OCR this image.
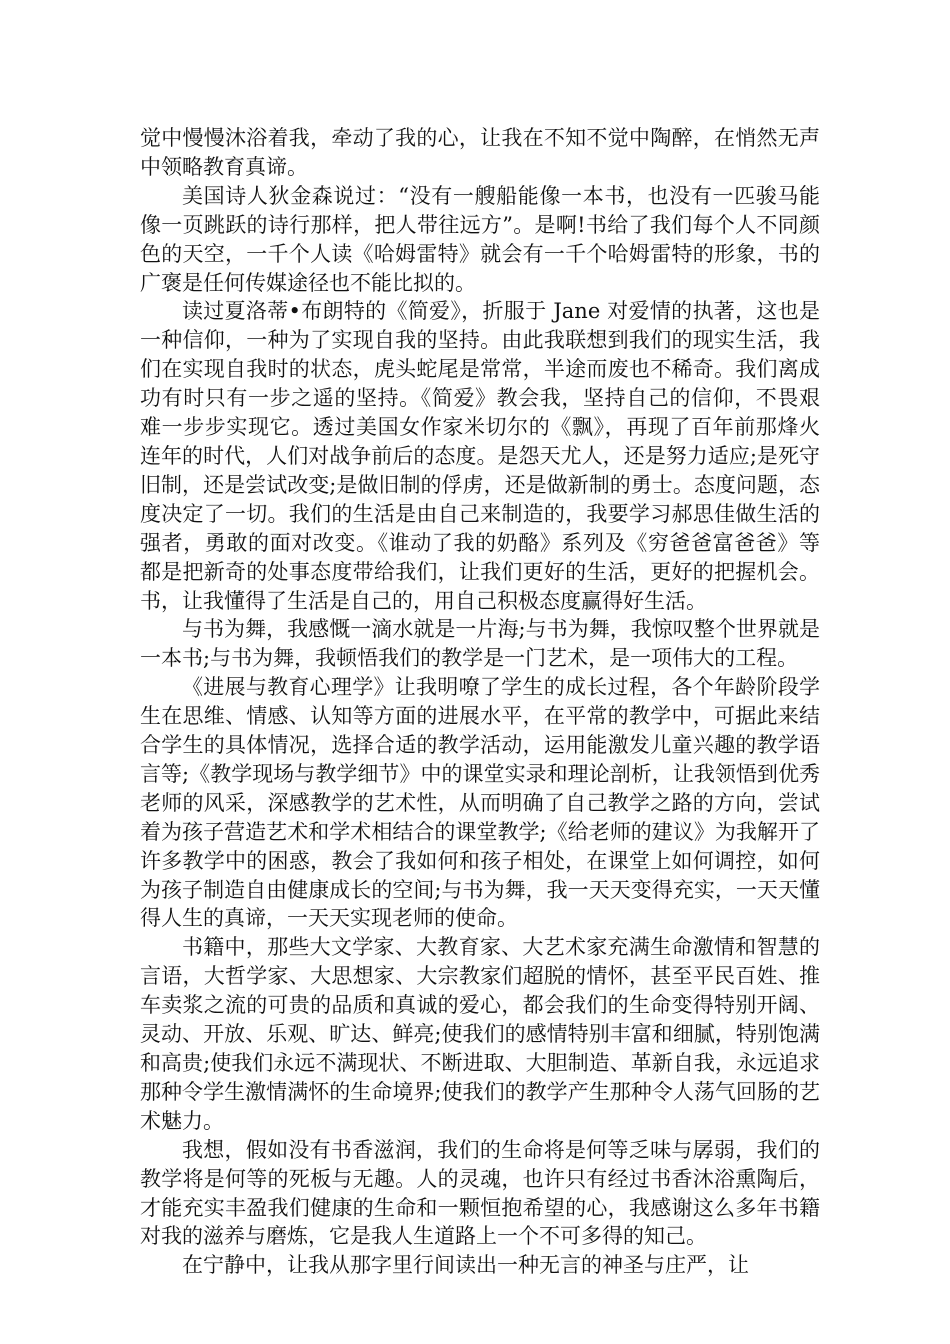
觉中慢慢沐浴着我，牵动了我的心，让我在不知不觉中陶醉，在悄然无声中领略教育真谛。

美国诗人狄金森说过：“没有一艘船能像一本书，也没有一匹骏马能像一页跳跃的诗行那样，把人带往远方”。是啊!书给了我们每个人不同颜色的天空，一千个人读《哈姆雷特》就会有一千个哈姆雷特的形象，书的广褒是任何传媒途径也不能比拟的。

读过夏洛蒂•布朗特的《简爱》，折服于 Jane 对爱情的执著，这也是一种信仰，一种为了实现自我的坚持。由此我联想到我们的现实生活，我们在实现自我时的状态，虎头蛇尾是常常，半途而废也不稀奇。我们离成功有时只有一步之遥的坚持。《简爱》教会我，坚持自己的信仰，不畏艰难一步步实现它。透过美国女作家米切尔的《飘》，再现了百年前那烽火连年的时代，人们对战争前后的态度。是怨天尤人，还是努力适应;是死守旧制，还是尝试改变;是做旧制的俘虏，还是做新制的勇士。态度问题，态度决定了一切。我们的生活是由自己来制造的，我要学习郝思佳做生活的强者，勇敢的面对改变。《谁动了我的奶酪》系列及《穷爸爸富爸爸》等都是把新奇的处事态度带给我们，让我们更好的生活，更好的把握机会。书，让我懂得了生活是自己的，用自己积极态度赢得好生活。

与书为舞，我感慨一滴水就是一片海;与书为舞，我惊叹整个世界就是一本书;与书为舞，我顿悟我们的教学是一门艺术，是一项伟大的工程。

《进展与教育心理学》让我明嘹了学生的成长过程，各个年龄阶段学生在思维、情感、认知等方面的进展水平，在平常的教学中，可据此来结合学生的具体情况，选择合适的教学活动，运用能激发儿童兴趣的教学语言等;《教学现场与教学细节》中的课堂实录和理论剖析，让我领悟到优秀老师的风采，深感教学的艺术性，从而明确了自己教学之路的方向，尝试着为孩子营造艺术和学术相结合的课堂教学;《给老师的建议》为我解开了许多教学中的困惑，教会了我如何和孩子相处，在课堂上如何调控，如何为孩子制造自由健康成长的空间;与书为舞，我一天天变得充实，一天天懂得人生的真谛，一天天实现老师的使命。

书籍中，那些大文学家、大教育家、大艺术家充满生命激情和智慧的言语，大哲学家、大思想家、大宗教家们超脱的情怀，甚至平民百姓、推车卖浆之流的可贵的品质和真诚的爱心，都会我们的生命变得特别开阔、灵动、开放、乐观、旷达、鲜亮;使我们的感情特别丰富和细腻，特别饱满和高贵;使我们永远不满现状、不断进取、大胆制造、革新自我，永远追求那种令学生激情满怀的生命境界;使我们的教学产生那种令人荡气回肠的艺术魅力。

我想，假如没有书香滋润，我们的生命将是何等乏味与孱弱，我们的教学将是何等的死板与无趣。人的灵魂，也许只有经过书香沐浴熏陶后，才能充实丰盈我们健康的生命和一颗恒抱希望的心，我感谢这么多年书籍对我的滋养与磨炼，它是我人生道路上一个不可多得的知己。

在宁静中，让我从那字里行间读出一种无言的神圣与庄严，让
